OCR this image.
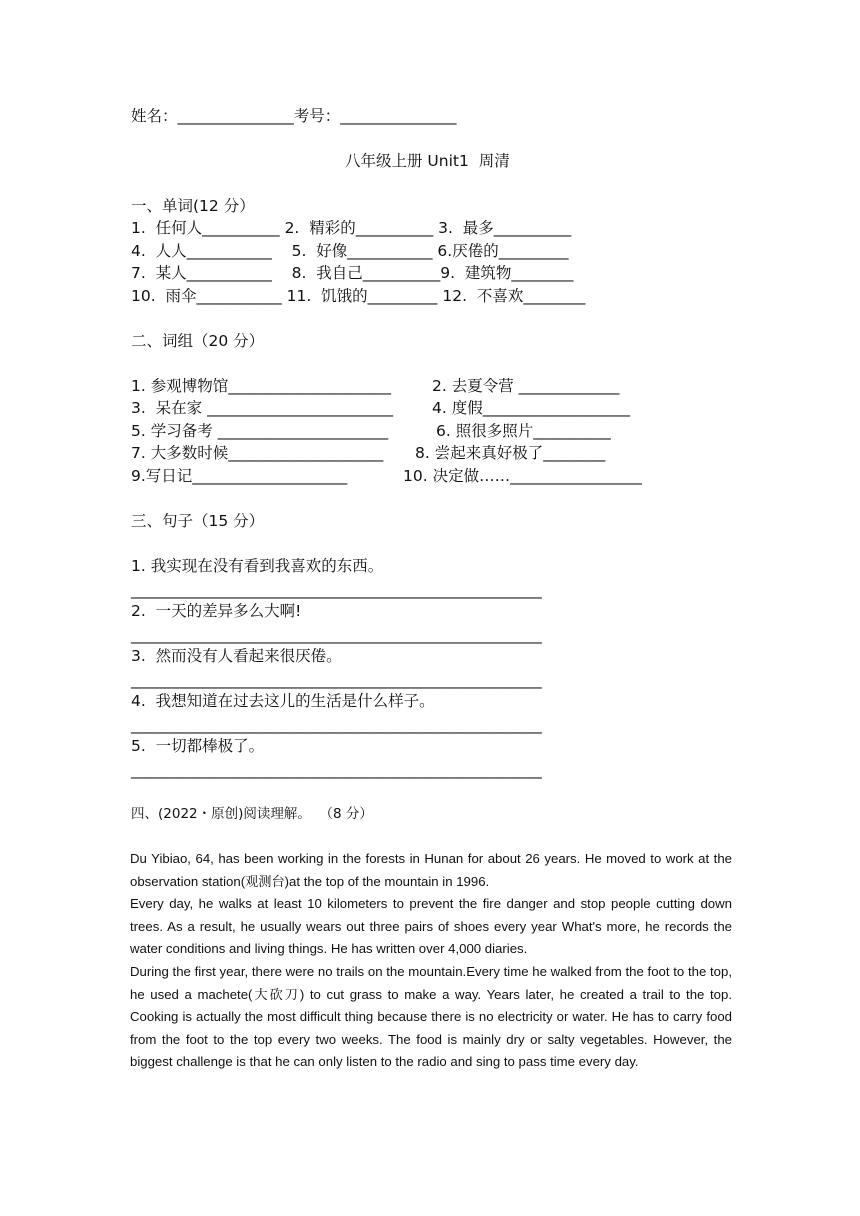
姓名：_______________考号：_______________
八年级上册 Unit1  周清
一、单词(12 分）
1.  任何人__________ 2.  精彩的__________ 3.  最多__________
4.  人人___________    5.  好像___________ 6.厌倦的_________
7.  某人___________    8.  我自己__________9.  建筑物________
10.  雨伞___________ 11.  饥饿的_________ 12.  不喜欢________
二、词组（20 分）
1. 参观博物馆_____________________	2. 去夏令营 _____________
3.  呆在家 ________________________	4. 度假___________________
5. 学习备考 ______________________	6. 照很多照片__________
7. 大多数时候____________________ 8. 尝起来真好极了________
9.写日记____________________	10. 决定做……_________________
三、句子（15 分）
1. 我实现在没有看到我喜欢的东西。
_____________________________________________________
2.  一天的差异多么大啊!
_____________________________________________________
3.  然而没有人看起来很厌倦。
_____________________________________________________
4.  我想知道在过去这儿的生活是什么样子。
_____________________________________________________
5.  一切都棒极了。
_____________________________________________________
四、(2022・原创)阅读理解。  （8 分）

Du Yibiao, 64, has been working in the forests in Hunan for about 26 years. He moved to work at the observation station(观测台)at the top of the mountain in 1996.

Every day, he walks at least 10 kilometers to prevent the fire danger and stop people cutting down trees. As a result, he usually wears out three pairs of shoes every year What's more, he records the water conditions and living things. He has written over 4,000 diaries.

During the first year, there were no trails on the mountain.Every time he walked from the foot to the top, he used a machete(大砍刀) to cut grass to make a way. Years later, he created a trail to the top. Cooking is actually the most difficult thing because there is no electricity or water. He has to carry food from the foot to the top every two weeks. The food is mainly dry or salty vegetables. However, the biggest challenge is that he can only listen to the radio and sing to pass time every day.
